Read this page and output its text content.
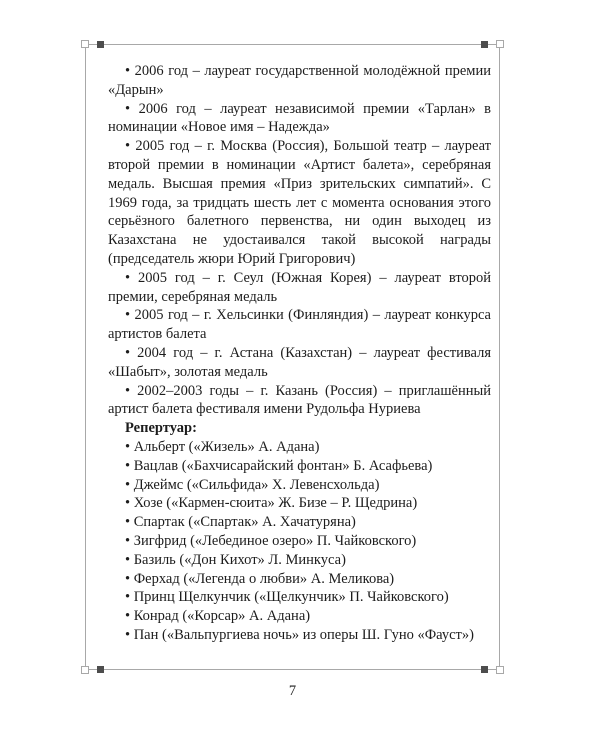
• 2006 год – лауреат государственной молодёжной премии «Дарын»

• 2006 год – лауреат независимой премии «Тарлан» в номинации «Новое имя – Надежда»

• 2005 год – г. Москва (Россия), Большой театр – лауреат второй премии в номинации «Артист балета», серебряная медаль. Высшая премия «Приз зрительских симпатий». С 1969 года, за тридцать шесть лет с момента основания этого серьёзного балетного первенства, ни один выходец из Казахстана не удостаивался такой высокой награды (председатель жюри Юрий Григорович)

• 2005 год – г. Сеул (Южная Корея) – лауреат второй премии, серебряная медаль

• 2005 год – г. Хельсинки (Финляндия) – лауреат конкурса артистов балета

• 2004 год – г. Астана (Казахстан) – лауреат фестиваля «Шабыт», золотая медаль

• 2002–2003 годы – г. Казань (Россия) – приглашённый артист балета фестиваля имени Рудольфа Нуриева

Репертуар:

• Альберт («Жизель» А. Адана)

• Вацлав («Бахчисарайский фонтан» Б. Асафьева)

• Джеймс («Сильфида» Х. Левенсхольда)

• Хозе («Кармен-сюита» Ж. Бизе – Р. Щедрина)

• Спартак («Спартак» А. Хачатуряна)

• Зигфрид («Лебединое озеро» П. Чайковского)

• Базиль («Дон Кихот» Л. Минкуса)

• Ферхад («Легенда о любви» А. Меликова)

• Принц Щелкунчик («Щелкунчик» П. Чайковского)

• Конрад («Корсар» А. Адана)

• Пан («Вальпургиева ночь» из оперы Ш. Гуно «Фауст»)

7
